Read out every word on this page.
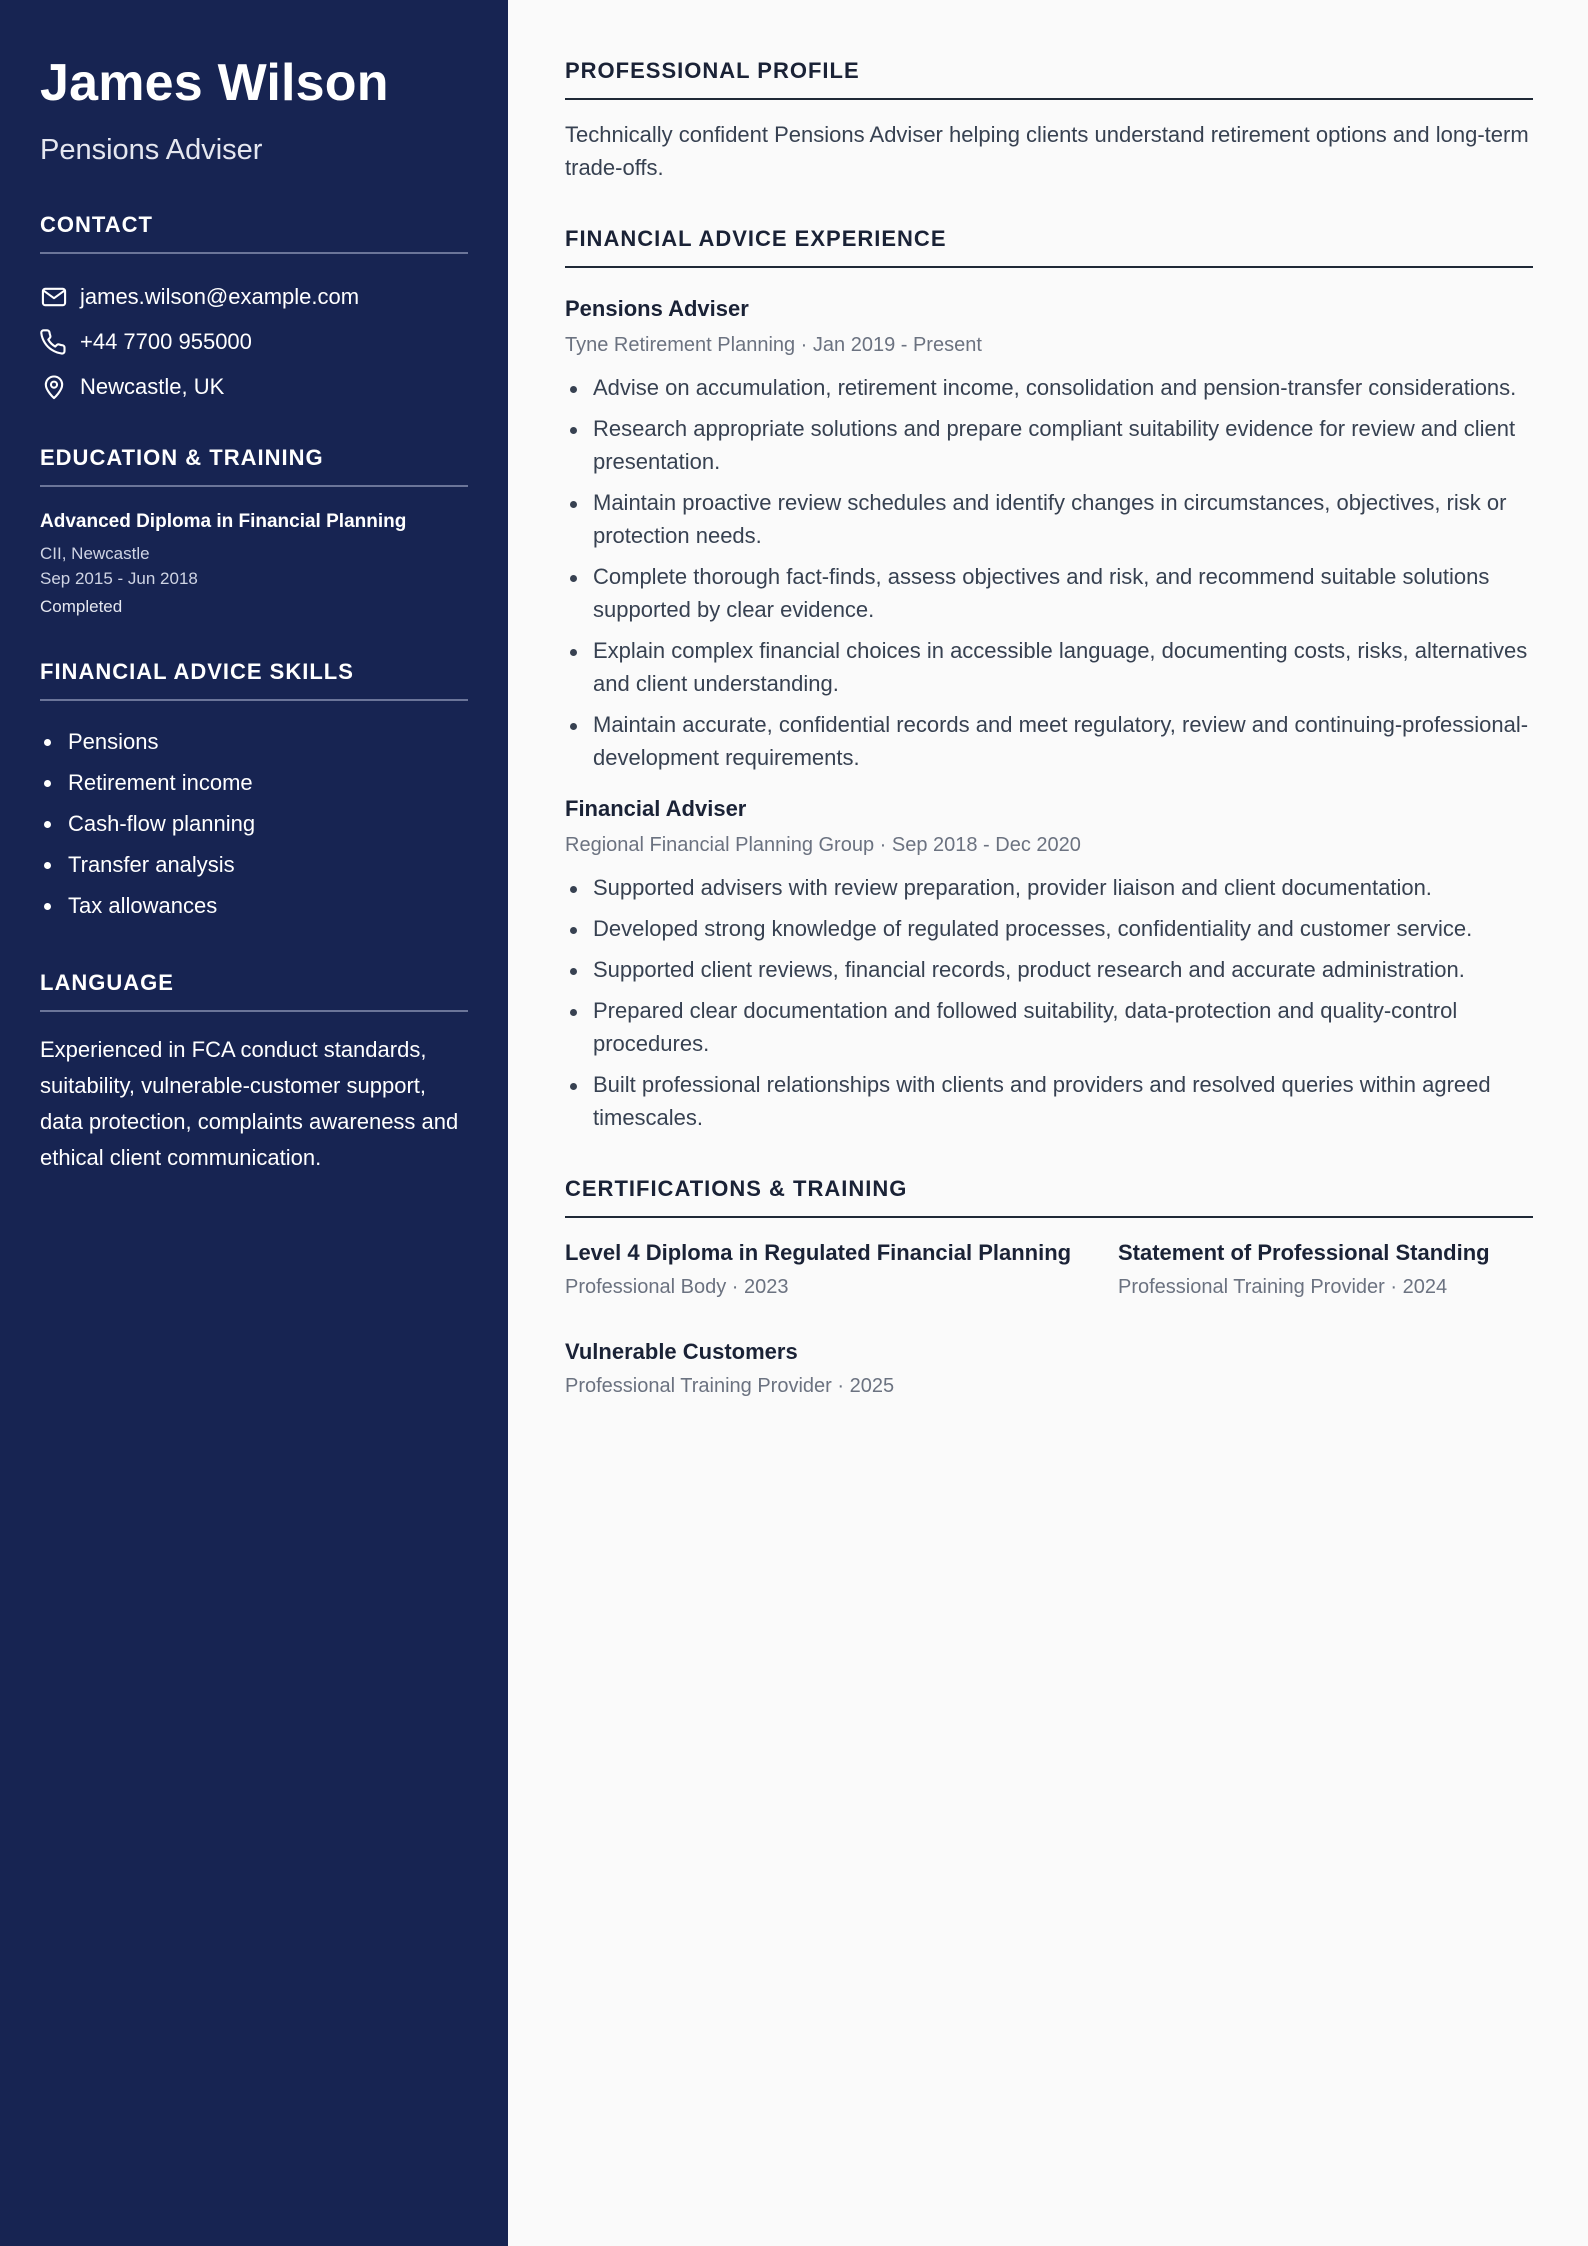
James Wilson
Pensions Adviser
CONTACT
james.wilson@example.com
+44 7700 955000
Newcastle, UK
EDUCATION & TRAINING
Advanced Diploma in Financial Planning
CII, Newcastle
Sep 2015 - Jun 2018
Completed
FINANCIAL ADVICE SKILLS
Pensions
Retirement income
Cash-flow planning
Transfer analysis
Tax allowances
LANGUAGE

Experienced in FCA conduct standards, suitability, vulnerable-customer support, data protection, complaints awareness and ethical client communication.

PROFESSIONAL PROFILE

Technically confident Pensions Adviser helping clients understand retirement options and long-term trade-offs.

FINANCIAL ADVICE EXPERIENCE
Pensions Adviser
Tyne Retirement Planning · Jan 2019 - Present
Advise on accumulation, retirement income, consolidation and pension-transfer considerations.
Research appropriate solutions and prepare compliant suitability evidence for review and client presentation.
Maintain proactive review schedules and identify changes in circumstances, objectives, risk or protection needs.
Complete thorough fact-finds, assess objectives and risk, and recommend suitable solutions supported by clear evidence.
Explain complex financial choices in accessible language, documenting costs, risks, alternatives and client understanding.
Maintain accurate, confidential records and meet regulatory, review and continuing-professional-development requirements.
Financial Adviser
Regional Financial Planning Group · Sep 2018 - Dec 2020
Supported advisers with review preparation, provider liaison and client documentation.
Developed strong knowledge of regulated processes, confidentiality and customer service.
Supported client reviews, financial records, product research and accurate administration.
Prepared clear documentation and followed suitability, data-protection and quality-control procedures.
Built professional relationships with clients and providers and resolved queries within agreed timescales.
CERTIFICATIONS & TRAINING
Level 4 Diploma in Regulated Financial Planning
Professional Body · 2023
Statement of Professional Standing
Professional Training Provider · 2024
Vulnerable Customers
Professional Training Provider · 2025
